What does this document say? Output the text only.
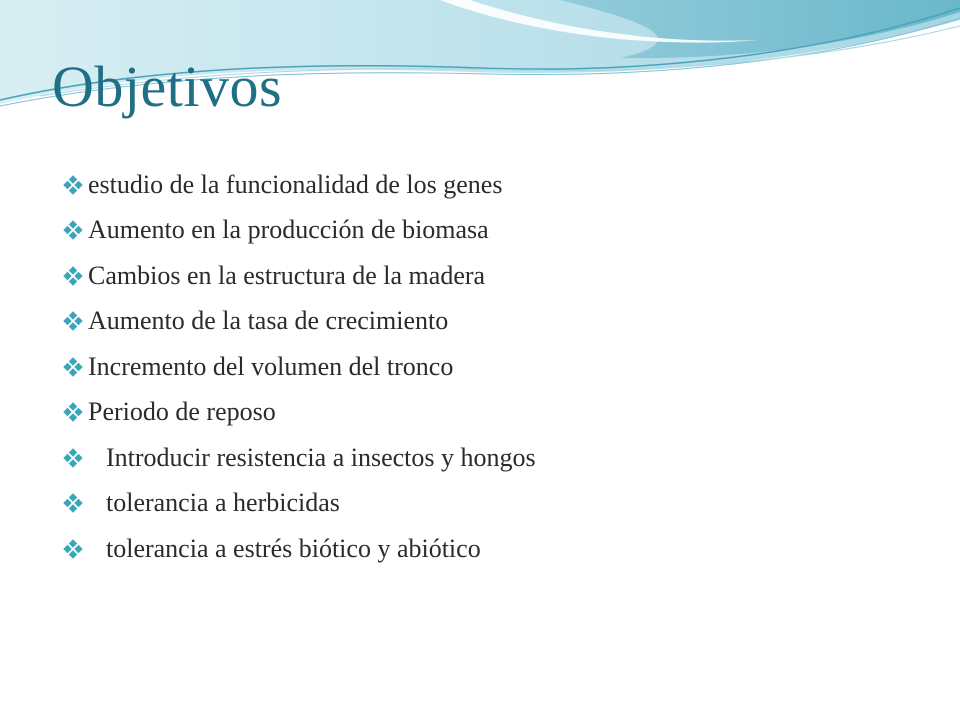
Objetivos
estudio de la funcionalidad de los genes
Aumento en la producción de biomasa
Cambios en la estructura de la madera
Aumento de la tasa de crecimiento
Incremento del volumen del tronco
Periodo de reposo
Introducir resistencia a insectos y hongos
tolerancia a herbicidas
tolerancia a estrés biótico y abiótico
